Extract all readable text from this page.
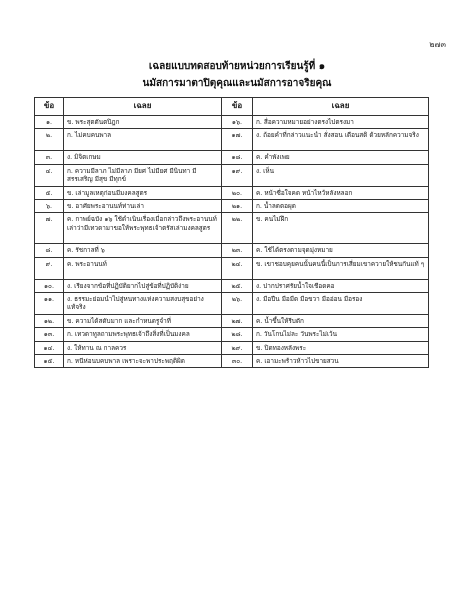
๒๗๓
เฉลยแบบทดสอบท้ายหน่วยการเรียนรู้ที่ ๑
นมัสการมาตาปิตุคุณและนมัสการอาจริยคุณ
ข้อ	เฉลย	ข้อ	เฉลย
๑.	ข. พระสุตตันตปิฎก	๑๖.	ก. สื่อความหมายอย่างตรงไปตรงมา
๒.	ก. ไม่คบคนพาล	๑๗.	ง. ถ้อยคำที่กล่าวแนะนำ สั่งสอน เตือนสติ ด้วยหลักความจริง
๓.	ง. มิจิตเกษม	๑๘.	ค. คำพังเพย
๔.	ก. ความมีลาภ ไม่มีลาภ มียศ ไม่มียศ มีนินทา มีสรรเสริญ มีสุข มีทุกข์	๑๙.	ง. เห็น
๕.	ข. เล่ามูลเหตุก่อนมีมงคลสูตร	๒๐.	ค. หน้าซื่อใจคด หน้าไหว้หลังหลอก
๖.	ข. อาศัยพระอานนท์ท่านเล่า	๒๑.	ก. น้ำลดตอผุด
๗.	ค. กาพย์ฉบัง ๑๖ ใช้ดำเนินเรื่องเมื่อกล่าวถึงพระอานนท์เล่าว่ามีเทวดามาขอให้พระพุทธเจ้าตรัสเล่ามงคลสูตร	๒๒.	ข. คนไม่ฝึก
๘.	ค. รัชกาลที่ ๖	๒๓.	ค. ใช้ได้ตรงตามจุดมุ่งหมาย
๙.	ค. พระอานนท์	๒๔.	ข. เขาชอบคุยคนนั้นคนนี้เป็นการเสี่ยมเขาควายให้ชนกันแท้ ๆ
๑๐.	ง. เรียงจากข้อที่ปฏิบัติยากไปสู่ข้อที่ปฏิบัติง่าย	๒๕.	ง. ปากปราศรัยน้ำใจเชือดคอ
๑๑.	ง. ธรรมะย่อมนำไปสู่หนทางแห่งความสงบสุขอย่างแท้จริง	๒๖.	ง. มือปืน มือมืด มือขวา มืออ่อน มือรอง
๑๒.	ข. ความได้สดับมาก และกำหนดรูจำที่	๒๗.	ค. น้ำขึ้นให้รีบตัก
๑๓.	ก. เทวดาทูลถามพระพุทธเจ้าถึงสิ่งที่เป็นมงคล	๒๘.	ก. วันโกนไม่ละ วันพระไม่เว้น
๑๔.	ง. ให้ทาน ณ กาลควร	๒๙.	ข. ปิดทองหลังพระ
๑๕.	ก. หนีห่อนบคบพาล เพราะจะพาประพฤติผิด	๓๐.	ค. เอามะพร้าวห้าวไปขายสวน
